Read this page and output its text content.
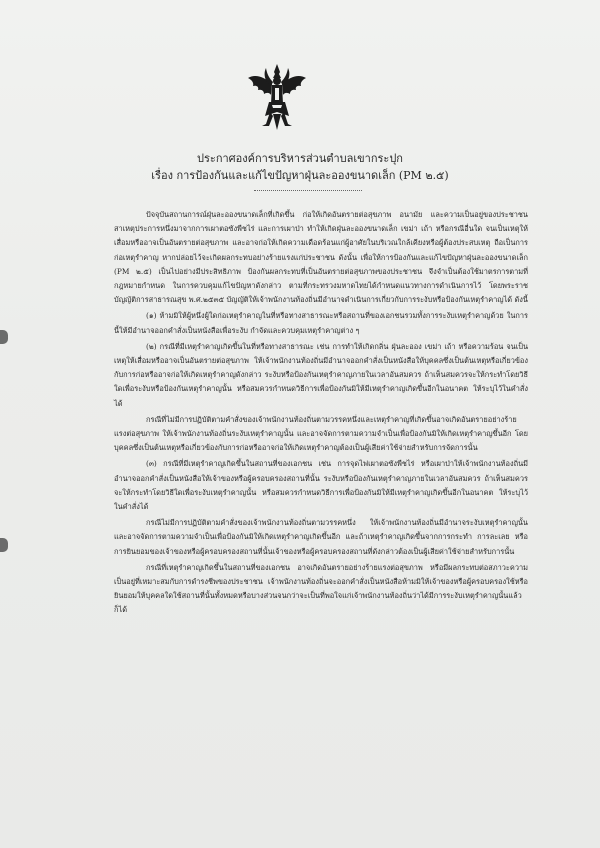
ประกาศองค์การบริหารส่วนตำบลเขากระปุก
เรื่อง การป้องกันและแก้ไขปัญหาฝุ่นละอองขนาดเล็ก (PM ๒.๕)

ปัจจุบันสถานการณ์ฝุ่นละอองขนาดเล็กที่เกิดขึ้น ก่อให้เกิดอันตรายต่อสุขภาพ อนามัย และความเป็นอยู่ของประชาชน สาเหตุประการหนึ่งมาจากการเผาตอซังพืชไร่ และการเผาป่า ทำให้เกิดฝุ่นละอองขนาดเล็ก เขม่า เถ้า หรือกรณีอื่นใด จนเป็นเหตุให้เสื่อมหรืออาจเป็นอันตรายต่อสุขภาพ และอาจก่อให้เกิดความเดือดร้อนแก่ผู้อาศัยในบริเวณใกล้เคียงหรือผู้ต้องประสบเหตุ ถือเป็นการก่อเหตุรำคาญ หากปล่อยไว้จะเกิดผลกระทบอย่างร้ายแรงแก่ประชาชน ดังนั้น เพื่อให้การป้องกันและแก้ไขปัญหาฝุ่นละอองขนาดเล็ก (PM ๒.๕) เป็นไปอย่างมีประสิทธิภาพ ป้องกันผลกระทบที่เป็นอันตรายต่อสุขภาพของประชาชน จึงจำเป็นต้องใช้มาตรการตามที่กฎหมายกำหนด ในการควบคุมแก้ไขปัญหาดังกล่าว ตามที่กระทรวงมหาดไทยได้กำหนดแนวทางการดำเนินการไว้ โดยพระราชบัญญัติการสาธารณสุข พ.ศ.๒๕๓๕ บัญญัติให้เจ้าพนักงานท้องถิ่นมีอำนาจดำเนินการเกี่ยวกับการระงับหรือป้องกันเหตุรำคาญได้ ดังนี้

(๑) ห้ามมิให้ผู้หนึ่งผู้ใดก่อเหตุรำคาญในที่หรือทางสาธารณะหรือสถานที่ของเอกชนรวมทั้งการระงับเหตุรำคาญด้วย ในการนี้ให้มีอำนาจออกคำสั่งเป็นหนังสือเพื่อระงับ กำจัดและควบคุมเหตุรำคาญต่าง ๆ

(๒) กรณีที่มีเหตุรำคาญเกิดขึ้นในที่หรือทางสาธารณะ เช่น การทำให้เกิดกลิ่น ฝุ่นละออง เขม่า เถ้า หรือความร้อน จนเป็นเหตุให้เสื่อมหรืออาจเป็นอันตรายต่อสุขภาพ ให้เจ้าพนักงานท้องถิ่นมีอำนาจออกคำสั่งเป็นหนังสือให้บุคคลซึ่งเป็นต้นเหตุหรือเกี่ยวข้องกับการก่อหรืออาจก่อให้เกิดเหตุรำคาญดังกล่าว ระงับหรือป้องกันเหตุรำคาญภายในเวลาอันสมควร ถ้าเห็นสมควรจะให้กระทำโดยวิธีใดเพื่อระงับหรือป้องกันเหตุรำคาญนั้น หรือสมควรกำหนดวิธีการเพื่อป้องกันมิให้มีเหตุรำคาญเกิดขึ้นอีกในอนาคต ให้ระบุไว้ในคำสั่งได้

กรณีที่ไม่มีการปฏิบัติตามคำสั่งของเจ้าพนักงานท้องถิ่นตามวรรคหนึ่งและเหตุรำคาญที่เกิดขึ้นอาจเกิดอันตรายอย่างร้ายแรงต่อสุขภาพ ให้เจ้าพนักงานท้องถิ่นระงับเหตุรำคาญนั้น และอาจจัดการตามความจำเป็นเพื่อป้องกันมิให้เกิดเหตุรำคาญขึ้นอีก โดยบุคคลซึ่งเป็นต้นเหตุหรือเกี่ยวข้องกับการก่อหรืออาจก่อให้เกิดเหตุรำคาญต้องเป็นผู้เสียค่าใช้จ่ายสำหรับการจัดการนั้น

(๓) กรณีที่มีเหตุรำคาญเกิดขึ้นในสถานที่ของเอกชน เช่น การจุดไฟเผาตอซังพืชไร่ หรือเผาป่าให้เจ้าพนักงานท้องถิ่นมีอำนาจออกคำสั่งเป็นหนังสือให้เจ้าของหรือผู้ครอบครองสถานที่นั้น ระงับหรือป้องกันเหตุรำคาญภายในเวลาอันสมควร ถ้าเห็นสมควรจะให้กระทำโดยวิธีใดเพื่อระงับเหตุรำคาญนั้น หรือสมควรกำหนดวิธีการเพื่อป้องกันมิให้มีเหตุรำคาญเกิดขึ้นอีกในอนาคต ให้ระบุไว้ในคำสั่งได้

กรณีไม่มีการปฏิบัติตามคำสั่งของเจ้าพนักงานท้องถิ่นตามวรรคหนึ่ง ให้เจ้าพนักงานท้องถิ่นมีอำนาจระงับเหตุรำคาญนั้น และอาจจัดการตามความจำเป็นเพื่อป้องกันมิให้เกิดเหตุรำคาญเกิดขึ้นอีก และถ้าเหตุรำคาญเกิดขึ้นจากการกระทำ การละเลย หรือการยินยอมของเจ้าของหรือผู้ครอบครองสถานที่นั้นเจ้าของหรือผู้ครอบครองสถานที่ดังกล่าวต้องเป็นผู้เสียค่าใช้จ่ายสำหรับการนั้น

กรณีที่เหตุรำคาญเกิดขึ้นในสถานที่ของเอกชน อาจเกิดอันตรายอย่างร้ายแรงต่อสุขภาพ หรือมีผลกระทบต่อสภาวะความเป็นอยู่ที่เหมาะสมกับการดำรงชีพของประชาชน เจ้าพนักงานท้องถิ่นจะออกคำสั่งเป็นหนังสือห้ามมิให้เจ้าของหรือผู้ครอบครองใช้หรือยินยอมให้บุคคลใดใช้สถานที่นั้นทั้งหมดหรือบางส่วนจนกว่าจะเป็นที่พอใจแก่เจ้าพนักงานท้องถิ่นว่าได้มีการระงับเหตุรำคาญนั้นแล้วก็ได้
